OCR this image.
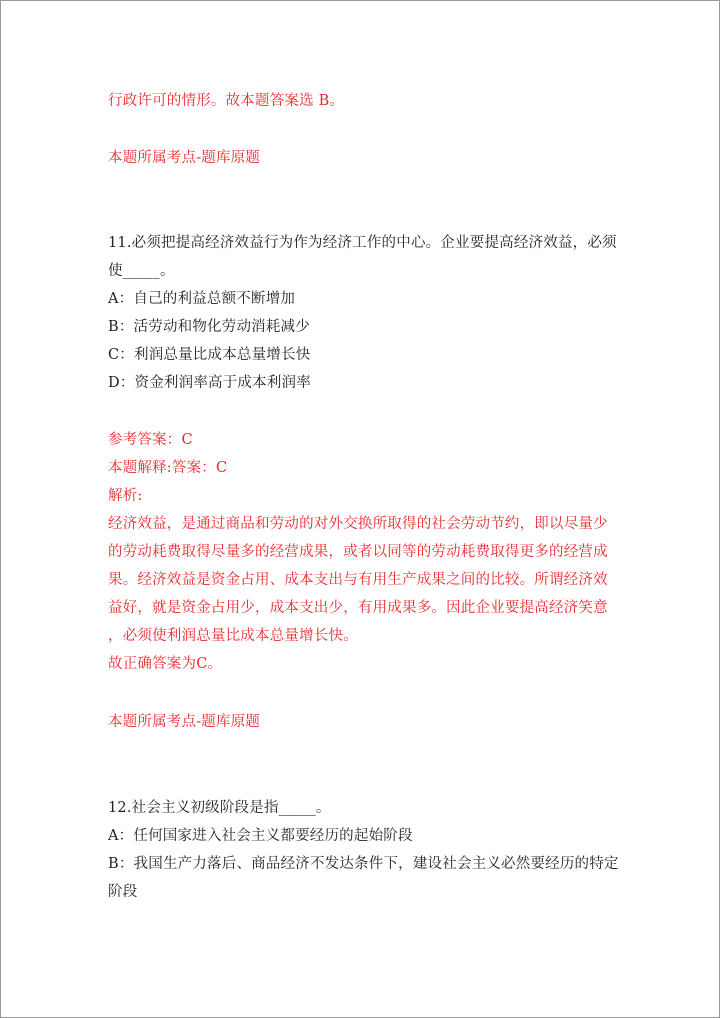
行政许可的情形。故本题答案选 B。
本题所属考点-题库原题
11.必须把提高经济效益行为作为经济工作的中心。企业要提高经济效益，必须
使_____。
A：自己的利益总额不断增加
B：活劳动和物化劳动消耗减少
C：利润总量比成本总量增长快
D：资金利润率高于成本利润率
参考答案：C
本题解释:答案：C
解析:
经济效益，是通过商品和劳动的对外交换所取得的社会劳动节约，即以尽量少
的劳动耗费取得尽量多的经营成果，或者以同等的劳动耗费取得更多的经营成
果。经济效益是资金占用、成本支出与有用生产成果之间的比较。所谓经济效
益好，就是资金占用少，成本支出少，有用成果多。因此企业要提高经济笑意
，必须使利润总量比成本总量增长快。
故正确答案为C。
本题所属考点-题库原题
12.社会主义初级阶段是指_____。
A：任何国家进入社会主义都要经历的起始阶段
B：我国生产力落后、商品经济不发达条件下，建设社会主义必然要经历的特定
阶段
